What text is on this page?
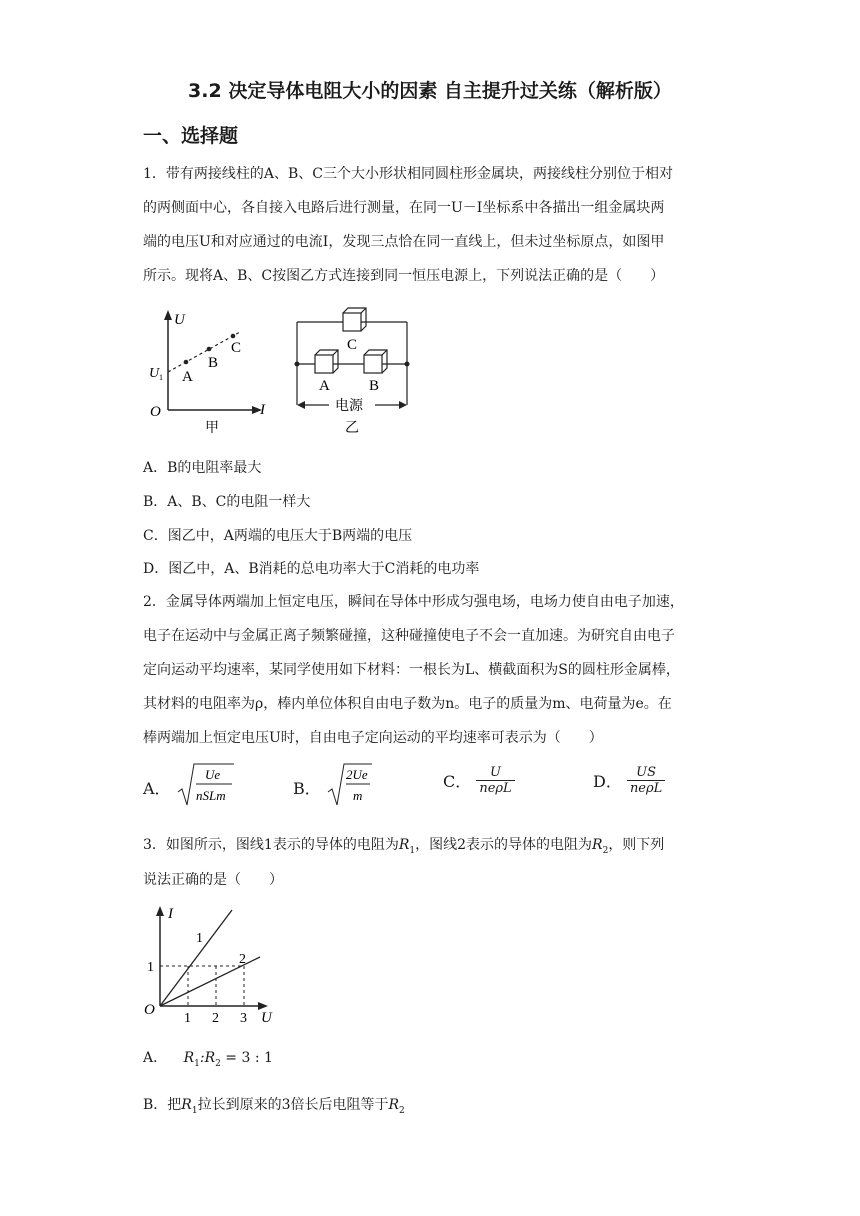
3.2 决定导体电阻大小的因素 自主提升过关练（解析版）
一、选择题
1．带有两接线柱的A、B、C三个大小形状相同圆柱形金属块，两接线柱分别位于相对
的两侧面中心，各自接入电路后进行测量，在同一U－I坐标系中各描出一组金属块两
端的电压U和对应通过的电流I，发现三点恰在同一直线上，但未过坐标原点，如图甲
所示。现将A、B、C按图乙方式连接到同一恒压电源上，下列说法正确的是（　　）
U
I
O
U 1 A
B
C
甲
C
A	B
电源
乙
A．B的电阻率最大
B．A、B、C的电阻一样大
C．图乙中，A两端的电压大于B两端的电压
D．图乙中，A、B消耗的总电功率大于C消耗的电功率
2．金属导体两端加上恒定电压，瞬间在导体中形成匀强电场，电场力使自由电子加速，
电子在运动中与金属正离子频繁碰撞，这种碰撞使电子不会一直加速。为研究自由电子
定向运动平均速率，某同学使用如下材料：一根长为L、横截面积为S的圆柱形金属棒，
其材料的电阻率为ρ，棒内单位体积自由电子数为n。电子的质量为m、电荷量为e。在
棒两端加上恒定电压U时，自由电子定向运动的平均速率可表示为（　　）
A．
Ue
nSLm	B．
2Ue
m
C． $\frac{U}{\text{neρL}}$	D． $\frac{US}{\text{neρL}}$
3．如图所示，图线1表示的导体的电阻为$R_1$，图线2表示的导体的电阻为$R_2$，则下列
说法正确的是（　　）
I
U
O
1
2
1
1 2 3
A． $R_1:R_2 = 3$ : 1
B．把$R_1$拉长到原来的3倍长后电阻等于$R_2$
